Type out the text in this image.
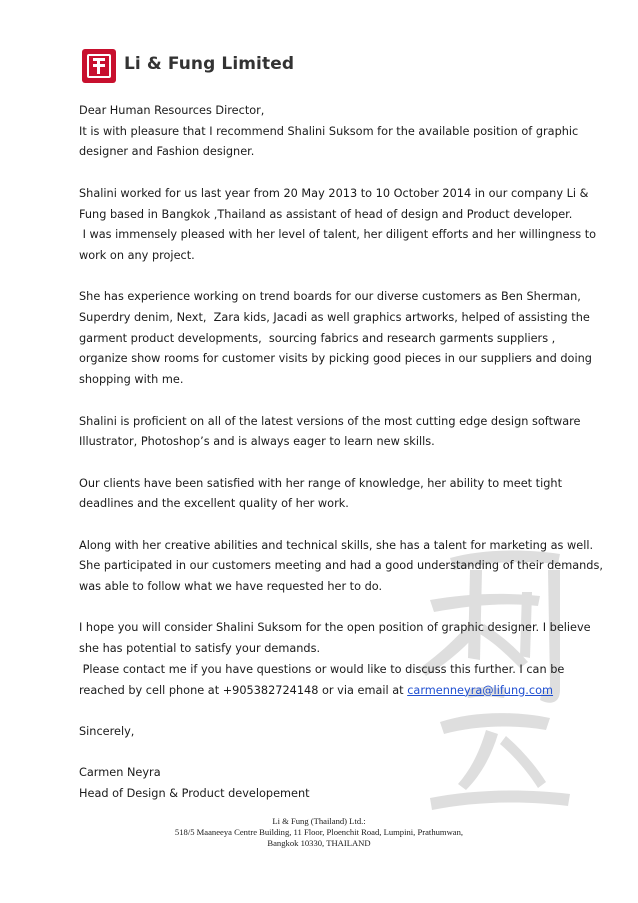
Li & Fung Limited

Dear Human Resources Director,

It is with pleasure that I recommend Shalini Suksom for the available position of graphic

designer and Fashion designer.

Shalini worked for us last year from 20 May 2013 to 10 October 2014 in our company Li &

Fung based in Bangkok ,Thailand as assistant of head of design and Product developer.

I was immensely pleased with her level of talent, her diligent efforts and her willingness to

work on any project.

She has experience working on trend boards for our diverse customers as Ben Sherman,

Superdry denim, Next,  Zara kids, Jacadi as well graphics artworks, helped of assisting the

garment product developments,  sourcing fabrics and research garments suppliers ,

organize show rooms for customer visits by picking good pieces in our suppliers and doing

shopping with me.

Shalini is proficient on all of the latest versions of the most cutting edge design software

Illustrator, Photoshop’s and is always eager to learn new skills.

Our clients have been satisfied with her range of knowledge, her ability to meet tight

deadlines and the excellent quality of her work.

Along with her creative abilities and technical skills, she has a talent for marketing as well.

She participated in our customers meeting and had a good understanding of their demands,

was able to follow what we have requested her to do.

I hope you will consider Shalini Suksom for the open position of graphic designer. I believe

she has potential to satisfy your demands.

Please contact me if you have questions or would like to discuss this further. I can be

reached by cell phone at +905382724148 or via email at carmenneyra@lifung.com

Sincerely,

Carmen Neyra

Head of Design & Product developement

Li & Fung (Thailand) Ltd.:
518/5 Maaneeya Centre Building, 11 Floor, Ploenchit Road, Lumpini, Prathumwan,
Bangkok 10330, THAILAND
